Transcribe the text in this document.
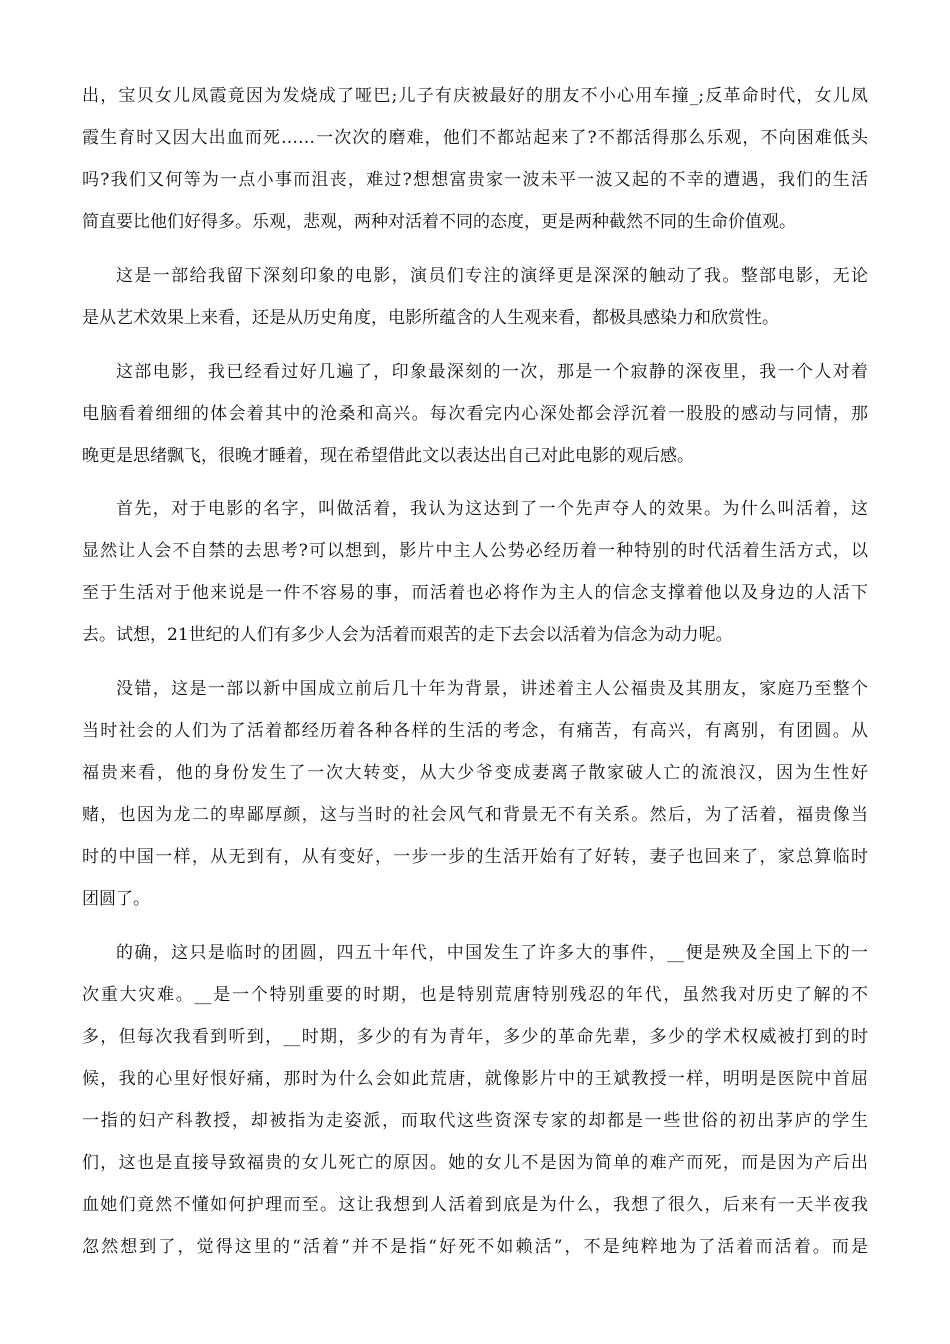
出，宝贝女儿凤霞竟因为发烧成了哑巴;儿子有庆被最好的朋友不小心用车撞_;反革命时代，女儿凤
霞生育时又因大出血而死……一次次的磨难，他们不都站起来了?不都活得那么乐观，不向困难低头
吗?我们又何等为一点小事而沮丧，难过?想想富贵家一波未平一波又起的不幸的遭遇，我们的生活
简直要比他们好得多。乐观，悲观，两种对活着不同的态度，更是两种截然不同的生命价值观。
这是一部给我留下深刻印象的电影，演员们专注的演绎更是深深的触动了我。整部电影，无论
是从艺术效果上来看，还是从历史角度，电影所蕴含的人生观来看，都极具感染力和欣赏性。
这部电影，我已经看过好几遍了，印象最深刻的一次，那是一个寂静的深夜里，我一个人对着
电脑看着细细的体会着其中的沧桑和高兴。每次看完内心深处都会浮沉着一股股的感动与同情，那
晚更是思绪飘飞，很晚才睡着，现在希望借此文以表达出自己对此电影的观后感。
首先，对于电影的名字，叫做活着，我认为这达到了一个先声夺人的效果。为什么叫活着，这
显然让人会不自禁的去思考?可以想到，影片中主人公势必经历着一种特别的时代活着生活方式，以
至于生活对于他来说是一件不容易的事，而活着也必将作为主人的信念支撑着他以及身边的人活下
去。试想，21世纪的人们有多少人会为活着而艰苦的走下去会以活着为信念为动力呢。
没错，这是一部以新中国成立前后几十年为背景，讲述着主人公福贵及其朋友，家庭乃至整个
当时社会的人们为了活着都经历着各种各样的生活的考念，有痛苦，有高兴，有离别，有团圆。从
福贵来看，他的身份发生了一次大转变，从大少爷变成妻离子散家破人亡的流浪汉，因为生性好
赌，也因为龙二的卑鄙厚颜，这与当时的社会风气和背景无不有关系。然后，为了活着，福贵像当
时的中国一样，从无到有，从有变好，一步一步的生活开始有了好转，妻子也回来了，家总算临时
团圆了。
的确，这只是临时的团圆，四五十年代，中国发生了许多大的事件，__便是殃及全国上下的一
次重大灾难。__是一个特别重要的时期，也是特别荒唐特别残忍的年代，虽然我对历史了解的不
多，但每次我看到听到，__时期，多少的有为青年，多少的革命先辈，多少的学术权威被打到的时
候，我的心里好恨好痛，那时为什么会如此荒唐，就像影片中的王斌教授一样，明明是医院中首屈
一指的妇产科教授，却被指为走姿派，而取代这些资深专家的却都是一些世俗的初出茅庐的学生
们，这也是直接导致福贵的女儿死亡的原因。她的女儿不是因为简单的难产而死，而是因为产后出
血她们竟然不懂如何护理而至。这让我想到人活着到底是为什么，我想了很久，后来有一天半夜我
忽然想到了，觉得这里的“活着”并不是指“好死不如赖活”，不是纯粹地为了活着而活着。而是
